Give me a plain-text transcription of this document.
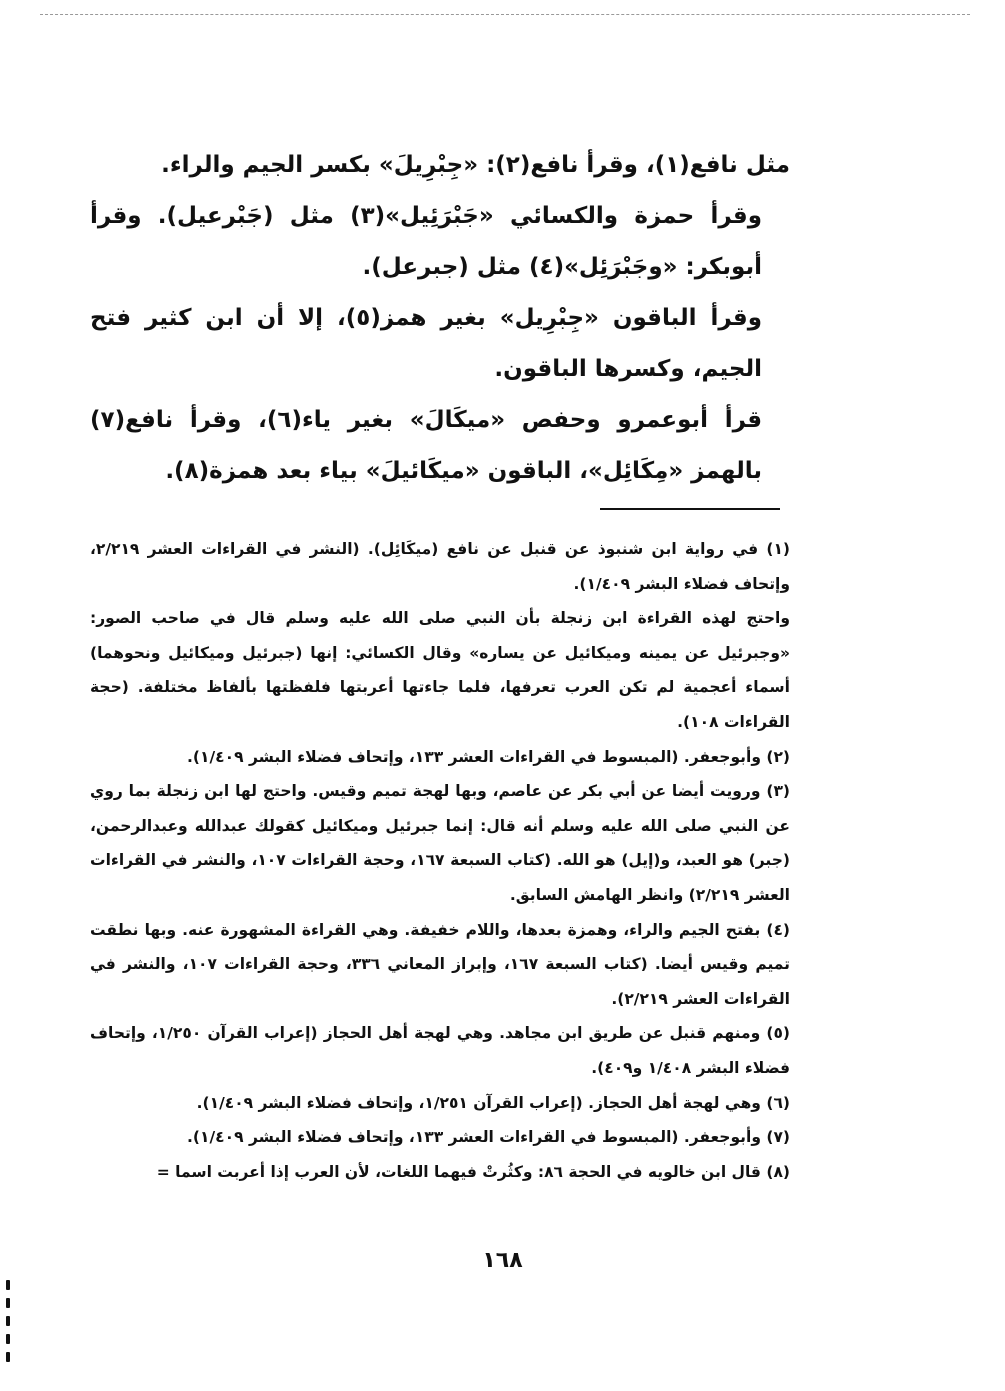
مثل نافع(١)، وقرأ نافع(٢): «جِبْرِيلَ» بكسر الجيم والراء.

وقرأ حمزة والكسائي «جَبْرَئِيل»(٣) مثل (جَبْرعيل). وقرأ أبوبكر: «وجَبْرَئِل»(٤) مثل (جبرعل).

وقرأ الباقون «جِبْرِيل» بغير همز(٥)، إلا أن ابن كثير فتح الجيم، وكسرها الباقون.

قرأ أبوعمرو وحفص «ميكَالَ» بغير ياء(٦)، وقرأ نافع(٧) بالهمز «مِكَائِل»، الباقون «ميكَائيلَ» بياء بعد همزة(٨).

(١) في رواية ابن شنبوذ عن قنبل عن نافع (ميكَائِل). (النشر في القراءات العشر ٢/٢١٩، وإتحاف فضلاء البشر ١/٤٠٩).

واحتج لهذه القراءة ابن زنجلة بأن النبي صلى الله عليه وسلم قال في صاحب الصور: «وجبرئيل عن يمينه وميكائيل عن يساره» وقال الكسائي: إنها (جبرئيل وميكائيل ونحوهما) أسماء أعجمية لم تكن العرب تعرفها، فلما جاءتها أعربتها فلفظتها بألفاظ مختلفة. (حجة القراءات ١٠٨).

(٢) وأبوجعفر. (المبسوط في القراءات العشر ١٣٣، وإتحاف فضلاء البشر ١/٤٠٩).

(٣) ورويت أيضا عن أبي بكر عن عاصم، وبها لهجة تميم وقيس. واحتج لها ابن زنجلة بما روي عن النبي صلى الله عليه وسلم أنه قال: إنما جبرئيل وميكائيل كقولك عبدالله وعبدالرحمن، (جبر) هو العبد، و(إيل) هو الله. (كتاب السبعة ١٦٧، وحجة القراءات ١٠٧، والنشر في القراءات العشر ٢/٢١٩) وانظر الهامش السابق.

(٤) بفتح الجيم والراء، وهمزة بعدها، واللام خفيفة. وهي القراءة المشهورة عنه. وبها نطقت تميم وقيس أيضا. (كتاب السبعة ١٦٧، وإبراز المعاني ٣٣٦، وحجة القراءات ١٠٧، والنشر في القراءات العشر ٢/٢١٩).

(٥) ومنهم قنبل عن طريق ابن مجاهد. وهي لهجة أهل الحجاز (إعراب القرآن ١/٢٥٠، وإتحاف فضلاء البشر ١/٤٠٨ و٤٠٩).

(٦) وهي لهجة أهل الحجاز. (إعراب القرآن ١/٢٥١، وإتحاف فضلاء البشر ١/٤٠٩).

(٧) وأبوجعفر. (المبسوط في القراءات العشر ١٣٣، وإتحاف فضلاء البشر ١/٤٠٩).

(٨) قال ابن خالويه في الحجة ٨٦: وكثُرتْ فيهما اللغات، لأن العرب إذا أعربت اسما =

١٦٨
